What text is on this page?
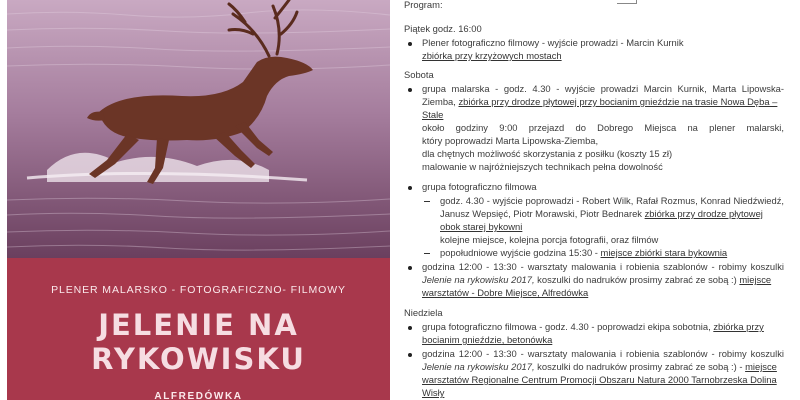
PLENER MALARSKO - FOTOGRAFICZNO- FILMOWY
JELENIE NA
RYKOWISKU
ALFREDÓWKA
Program:
Piątek godz. 16:00
Plener fotograficzno filmowy - wyjście prowadzi - Marcin Kurnik
zbiórka przy krzyżowych mostach
Sobota
grupa malarska - godz. 4.30 - wyjście prowadzi Marcin Kurnik, Marta Lipowska-
Ziemba, zbiórka przy drodze płytowej przy bocianim gnieździe na trasie Nowa Dęba –
Stale
około godziny 9:00 przejazd do Dobrego Miejsca na plener malarski,
który poprowadzi Marta Lipowska-Ziemba,
dla chętnych możliwość skorzystania z posiłku (koszty 15 zł)
malowanie w najróżniejszych technikach pełna dowolność
grupa fotograficzno filmowa
godz. 4.30 - wyjście poprowadzi - Robert Wilk, Rafał Rozmus, Konrad Niedźwiedź,
Janusz Wepsięć, Piotr Morawski, Piotr Bednarek zbiórka przy drodze płytowej
obok starej bykowni
kolejne miejsce, kolejna porcja fotografii, oraz filmów
popołudniowe wyjście godzina 15:30 - miejsce zbiórki stara bykownia
godzina 12:00 - 13:30 - warsztaty malowania i robienia szablonów - robimy koszulki
Jelenie na rykowisku 2017, koszulki do nadruków prosimy zabrać ze sobą :) miejsce
warsztatów - Dobre Miejsce, Alfredówka
Niedziela
grupa fotograficzno filmowa - godz. 4.30 - poprowadzi ekipa sobotnia, zbiórka przy
bocianim gnieździe, betonówka
godzina 12:00 - 13:30 - warsztaty malowania i robienia szablonów - robimy koszulki
Jelenie na rykowisku 2017, koszulki do nadruków prosimy zabrać ze sobą :) - miejsce
warsztatów Regionalne Centrum Promocji Obszaru Natura 2000 Tarnobrzeska Dolina
Wisły
